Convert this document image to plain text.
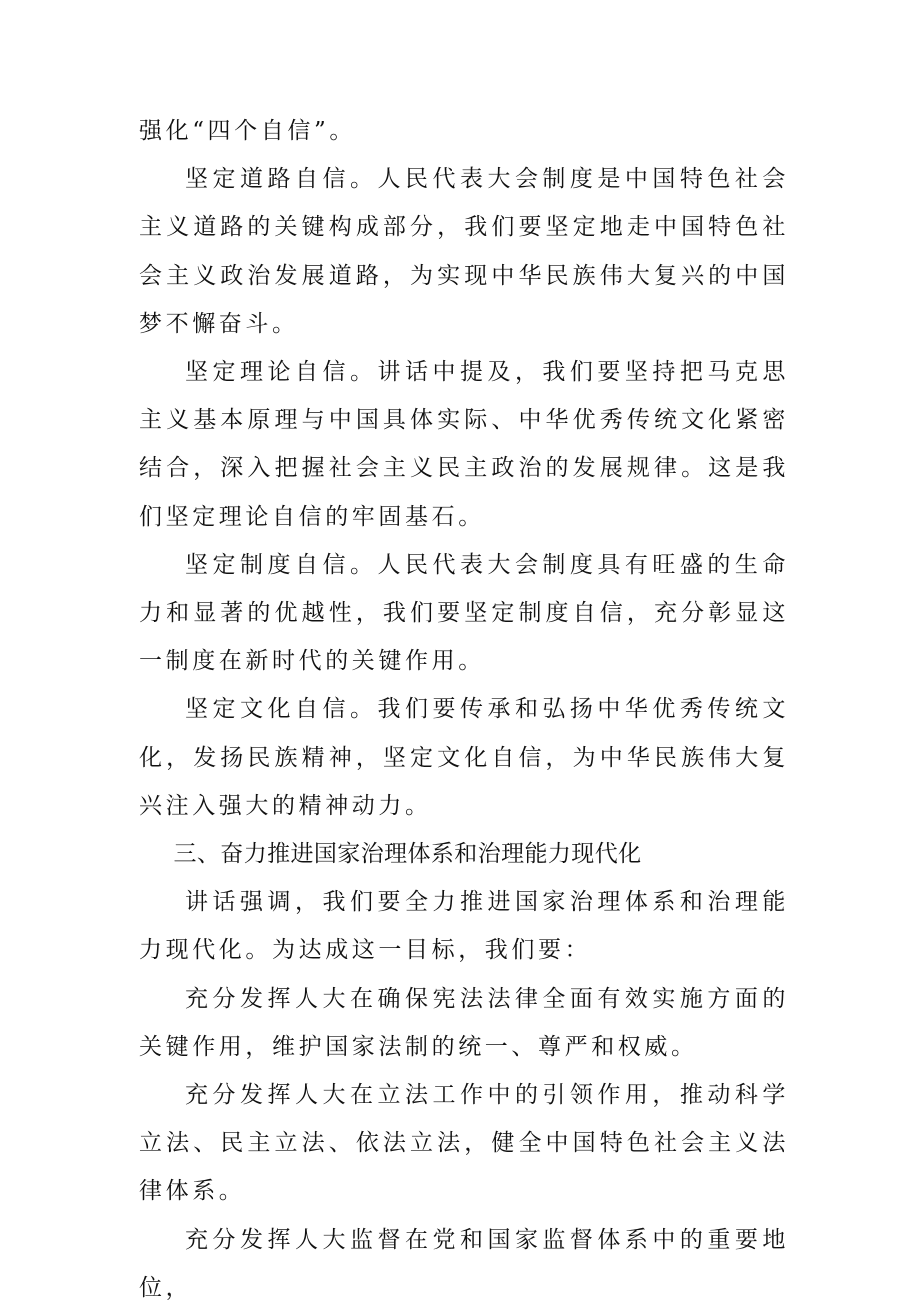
强化“四个自信”。

坚定道路自信。人民代表大会制度是中国特色社会主义道路的关键构成部分，我们要坚定地走中国特色社会主义政治发展道路，为实现中华民族伟大复兴的中国梦不懈奋斗。

坚定理论自信。讲话中提及，我们要坚持把马克思主义基本原理与中国具体实际、中华优秀传统文化紧密结合，深入把握社会主义民主政治的发展规律。这是我们坚定理论自信的牢固基石。

坚定制度自信。人民代表大会制度具有旺盛的生命力和显著的优越性，我们要坚定制度自信，充分彰显这一制度在新时代的关键作用。

坚定文化自信。我们要传承和弘扬中华优秀传统文化，发扬民族精神，坚定文化自信，为中华民族伟大复兴注入强大的精神动力。

三、奋力推进国家治理体系和治理能力现代化

讲话强调，我们要全力推进国家治理体系和治理能力现代化。为达成这一目标，我们要：

充分发挥人大在确保宪法法律全面有效实施方面的关键作用，维护国家法制的统一、尊严和权威。

充分发挥人大在立法工作中的引领作用，推动科学立法、民主立法、依法立法，健全中国特色社会主义法律体系。

充分发挥人大监督在党和国家监督体系中的重要地位，
